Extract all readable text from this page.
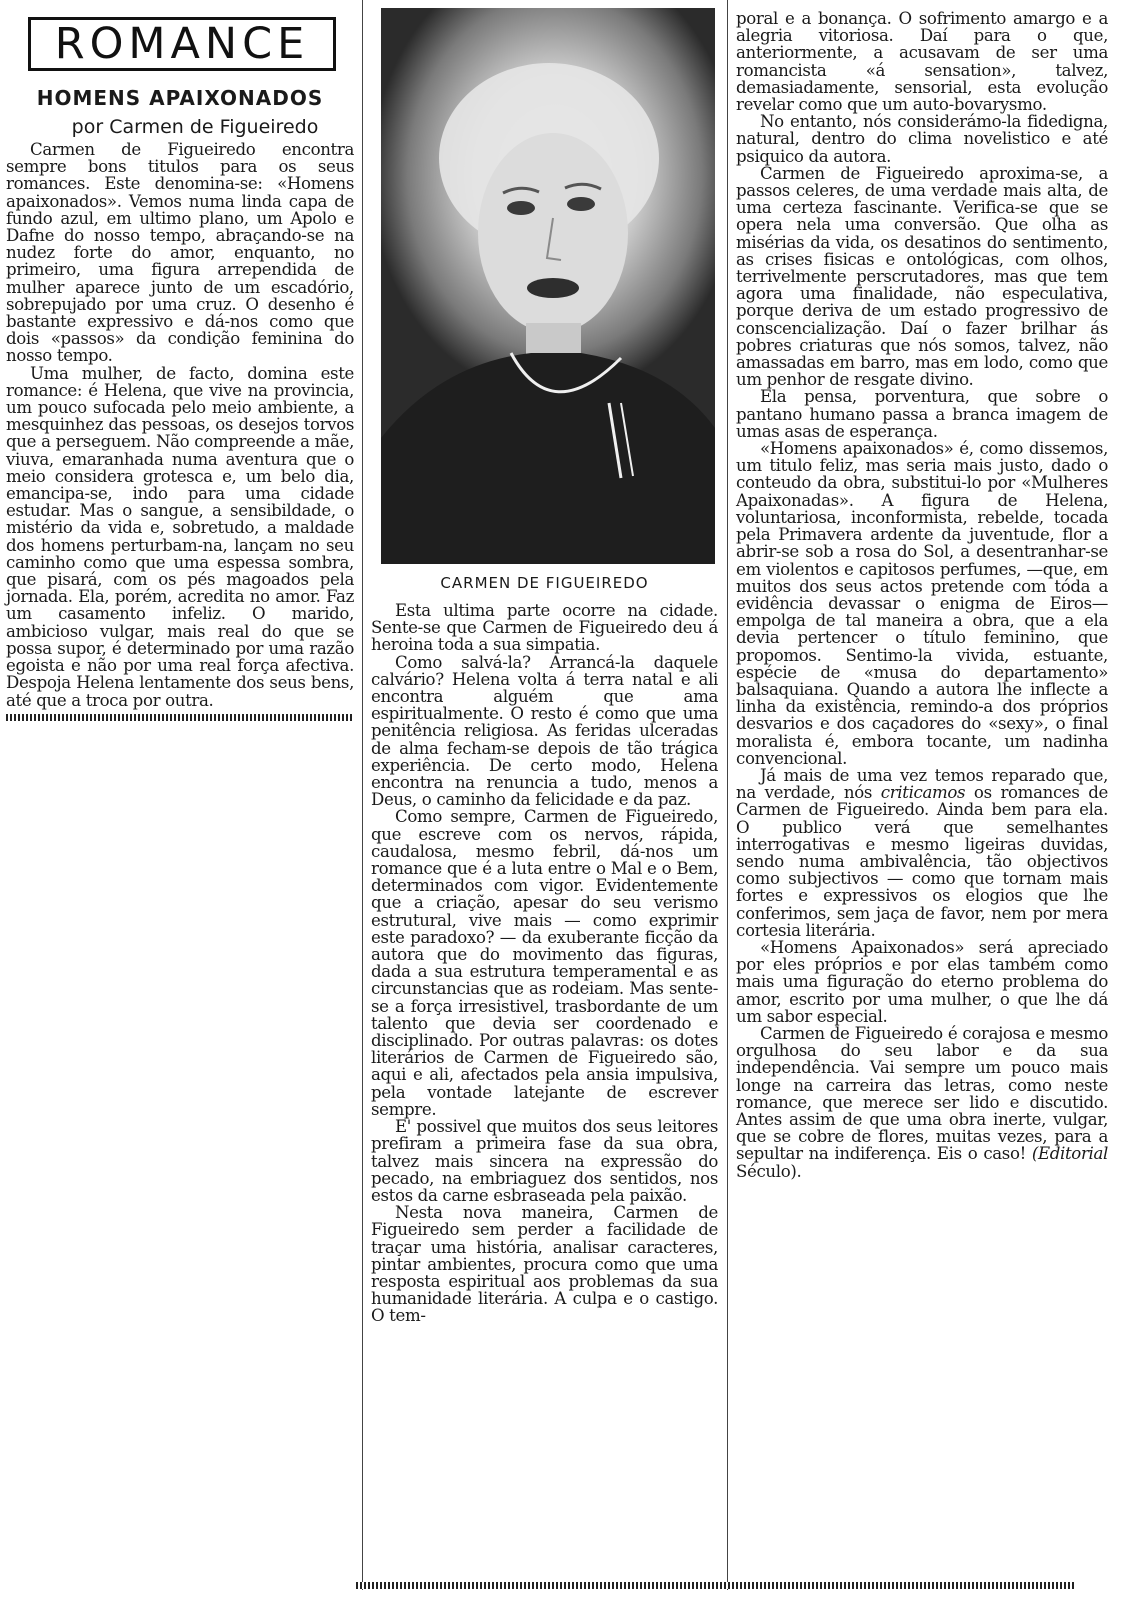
ROMANCE
HOMENS APAIXONADOS
por Carmen de Figueiredo

Carmen de Figueiredo encontra sempre bons titulos para os seus romances. Este denomina-se: «Homens apaixonados». Vemos numa linda capa de fundo azul, em ultimo plano, um Apolo e Dafne do nosso tempo, abraçando-se na nudez forte do amor, enquanto, no primeiro, uma figura arrependida de mulher aparece junto de um escadório, sobrepujado por uma cruz. O desenho é bastante expressivo e dá-nos como que dois «passos» da condição feminina do nosso tempo.

Uma mulher, de facto, domina este romance: é Helena, que vive na provincia, um pouco sufocada pelo meio ambiente, a mesquinhez das pessoas, os desejos torvos que a perseguem. Não compreende a mãe, viuva, emaranhada numa aventura que o meio considera grotesca e, um belo dia, emancipa-se, indo para uma cidade estudar. Mas o sangue, a sensibildade, o mistério da vida e, sobretudo, a maldade dos homens perturbam-na, lançam no seu caminho como que uma espessa sombra, que pisará, com os pés magoados pela jornada. Ela, porém, acredita no amor. Faz um casamento infeliz. O marido, ambicioso vulgar, mais real do que se possa supor, é determinado por uma razão egoista e não por uma real força afectiva. Despoja Helena lentamente dos seus bens, até que a troca por outra.

CARMEN DE FIGUEIREDO

Esta ultima parte ocorre na cidade. Sente-se que Carmen de Figueiredo deu á heroina toda a sua simpatia.

Como salvá-la? Arrancá-la daquele calvário? Helena volta á terra natal e ali encontra alguém que ama espiritualmente. O resto é como que uma penitência religiosa. As feridas ulceradas de alma fecham-se depois de tão trágica experiência. De certo modo, Helena encontra na renuncia a tudo, menos a Deus, o caminho da felicidade e da paz.

Como sempre, Carmen de Figueiredo, que escreve com os nervos, rápida, caudalosa, mesmo febril, dá-nos um romance que é a luta entre o Mal e o Bem, determinados com vigor. Evidentemente que a criação, apesar do seu verismo estrutural, vive mais — como exprimir este paradoxo? — da exuberante ficção da autora que do movimento das figuras, dada a sua estrutura temperamental e as circunstancias que as rodeiam. Mas sente-se a força irresistivel, trasbordante de um talento que devia ser coordenado e disciplinado. Por outras palavras: os dotes literários de Carmen de Figueiredo são, aqui e ali, afectados pela ansia impulsiva, pela vontade latejante de escrever sempre.

E' possivel que muitos dos seus leitores prefiram a primeira fase da sua obra, talvez mais sincera na expressão do pecado, na embriaguez dos sentidos, nos estos da carne esbraseada pela paixão.

Nesta nova maneira, Carmen de Figueiredo sem perder a facilidade de traçar uma história, analisar caracteres, pintar ambientes, procura como que uma resposta espiritual aos problemas da sua humanidade literária. A culpa e o castigo. O tem-

poral e a bonança. O sofrimento amargo e a alegria vitoriosa. Daí para o que, anteriormente, a acusavam de ser uma romancista «á sensation», talvez, demasiadamente, sensorial, esta evolução revelar como que um auto-bovarysmo.

No entanto, nós considerámo-la fidedigna, natural, dentro do clima novelistico e até psiquico da autora.

Carmen de Figueiredo aproxima-se, a passos celeres, de uma verdade mais alta, de uma certeza fascinante. Verifica-se que se opera nela uma conversão. Que olha as misérias da vida, os desatinos do sentimento, as crises fisicas e ontológicas, com olhos, terrivelmente perscrutadores, mas que tem agora uma finalidade, não especulativa, porque deriva de um estado progressivo de conscencialização. Daí o fazer brilhar ás pobres criaturas que nós somos, talvez, não amassadas em barro, mas em lodo, como que um penhor de resgate divino.

Ela pensa, porventura, que sobre o pantano humano passa a branca imagem de umas asas de esperança.

«Homens apaixonados» é, como dissemos, um titulo feliz, mas seria mais justo, dado o conteudo da obra, substitui-lo por «Mulheres Apaixonadas». A figura de Helena, voluntariosa, inconformista, rebelde, tocada pela Primavera ardente da juventude, flor a abrir-se sob a rosa do Sol, a desentranhar-se em violentos e capitosos perfumes, —que, em muitos dos seus actos pretende com tóda a evidência devassar o enigma de Eiros—empolga de tal maneira a obra, que a ela devia pertencer o título feminino, que propomos. Sentimo-la vivida, estuante, espécie de «musa do departamento» balsaquiana. Quando a autora lhe inflecte a linha da existência, remindo-a dos próprios desvarios e dos caçadores do «sexy», o final moralista é, embora tocante, um nadinha convencional.

Já mais de uma vez temos reparado que, na verdade, nós criticamos os romances de Carmen de Figueiredo. Ainda bem para ela. O publico verá que semelhantes interrogativas e mesmo ligeiras duvidas, sendo numa ambivalência, tão objectivos como subjectivos — como que tornam mais fortes e expressivos os elogios que lhe conferimos, sem jaça de favor, nem por mera cortesia literária.

«Homens Apaixonados» será apreciado por eles próprios e por elas também como mais uma figuração do eterno problema do amor, escrito por uma mulher, o que lhe dá um sabor especial.

Carmen de Figueiredo é corajosa e mesmo orgulhosa do seu labor e da sua independência. Vai sempre um pouco mais longe na carreira das letras, como neste romance, que merece ser lido e discutido. Antes assim de que uma obra inerte, vulgar, que se cobre de flores, muitas vezes, para a sepultar na indiferença. Eis o caso! (Editorial Século).
